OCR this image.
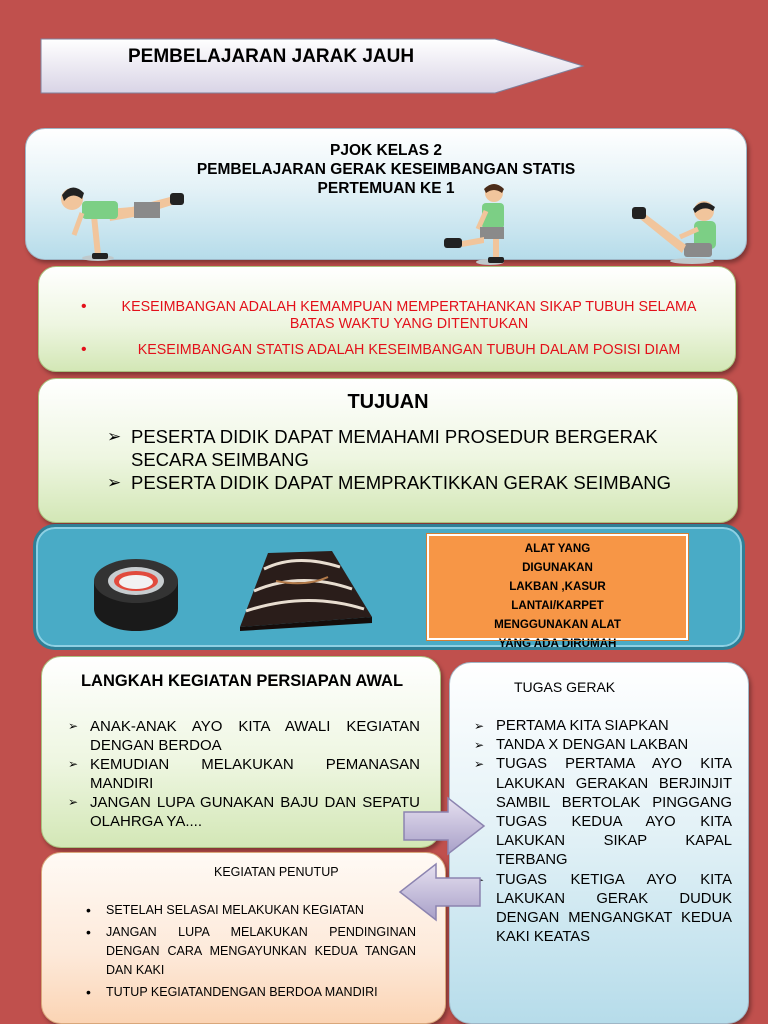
PEMBELAJARAN JARAK JAUH
PJOK KELAS 2
PEMBELAJARAN GERAK KESEIMBANGAN STATIS
PERTEMUAN KE 1
• KESEIMBANGAN ADALAH KEMAMPUAN MEMPERTAHANKAN SIKAP TUBUH SELAMA BATAS WAKTU YANG DITENTUKAN
• KESEIMBANGAN STATIS ADALAH KESEIMBANGAN TUBUH DALAM POSISI DIAM
TUJUAN
➢ PESERTA DIDIK DAPAT MEMAHAMI PROSEDUR BERGERAK SECARA SEIMBANG
➢ PESERTA DIDIK DAPAT MEMPRAKTIKKAN GERAK SEIMBANG
ALAT YANG
DIGUNAKAN
LAKBAN ,KASUR
LANTAI/KARPET
MENGGUNAKAN ALAT
YANG ADA DIRUMAH
LANGKAH KEGIATAN PERSIAPAN AWAL
➢ ANAK-ANAK AYO KITA AWALI KEGIATAN DENGAN BERDOA
➢ KEMUDIAN MELAKUKAN PEMANASAN MANDIRI
➢ JANGAN LUPA GUNAKAN BAJU DAN SEPATU OLAHRGA YA....
KEGIATAN PENUTUP
• SETELAH SELASAI MELAKUKAN KEGIATAN
• JANGAN LUPA MELAKUKAN PENDINGINAN DENGAN CARA MENGAYUNKAN KEDUA TANGAN DAN KAKI
• TUTUP KEGIATANDENGAN BERDOA MANDIRI
TUGAS GERAK
➢ PERTAMA KITA SIAPKAN
➢ TANDA X DENGAN LAKBAN
➢ TUGAS PERTAMA AYO KITA LAKUKAN GERAKAN BERJINJIT SAMBIL BERTOLAK PINGGANG TUGAS KEDUA AYO KITA LAKUKAN SIKAP KAPAL TERBANG
➢ TUGAS KETIGA AYO KITA LAKUKAN GERAK DUDUK DENGAN MENGANGKAT KEDUA KAKI KEATAS
